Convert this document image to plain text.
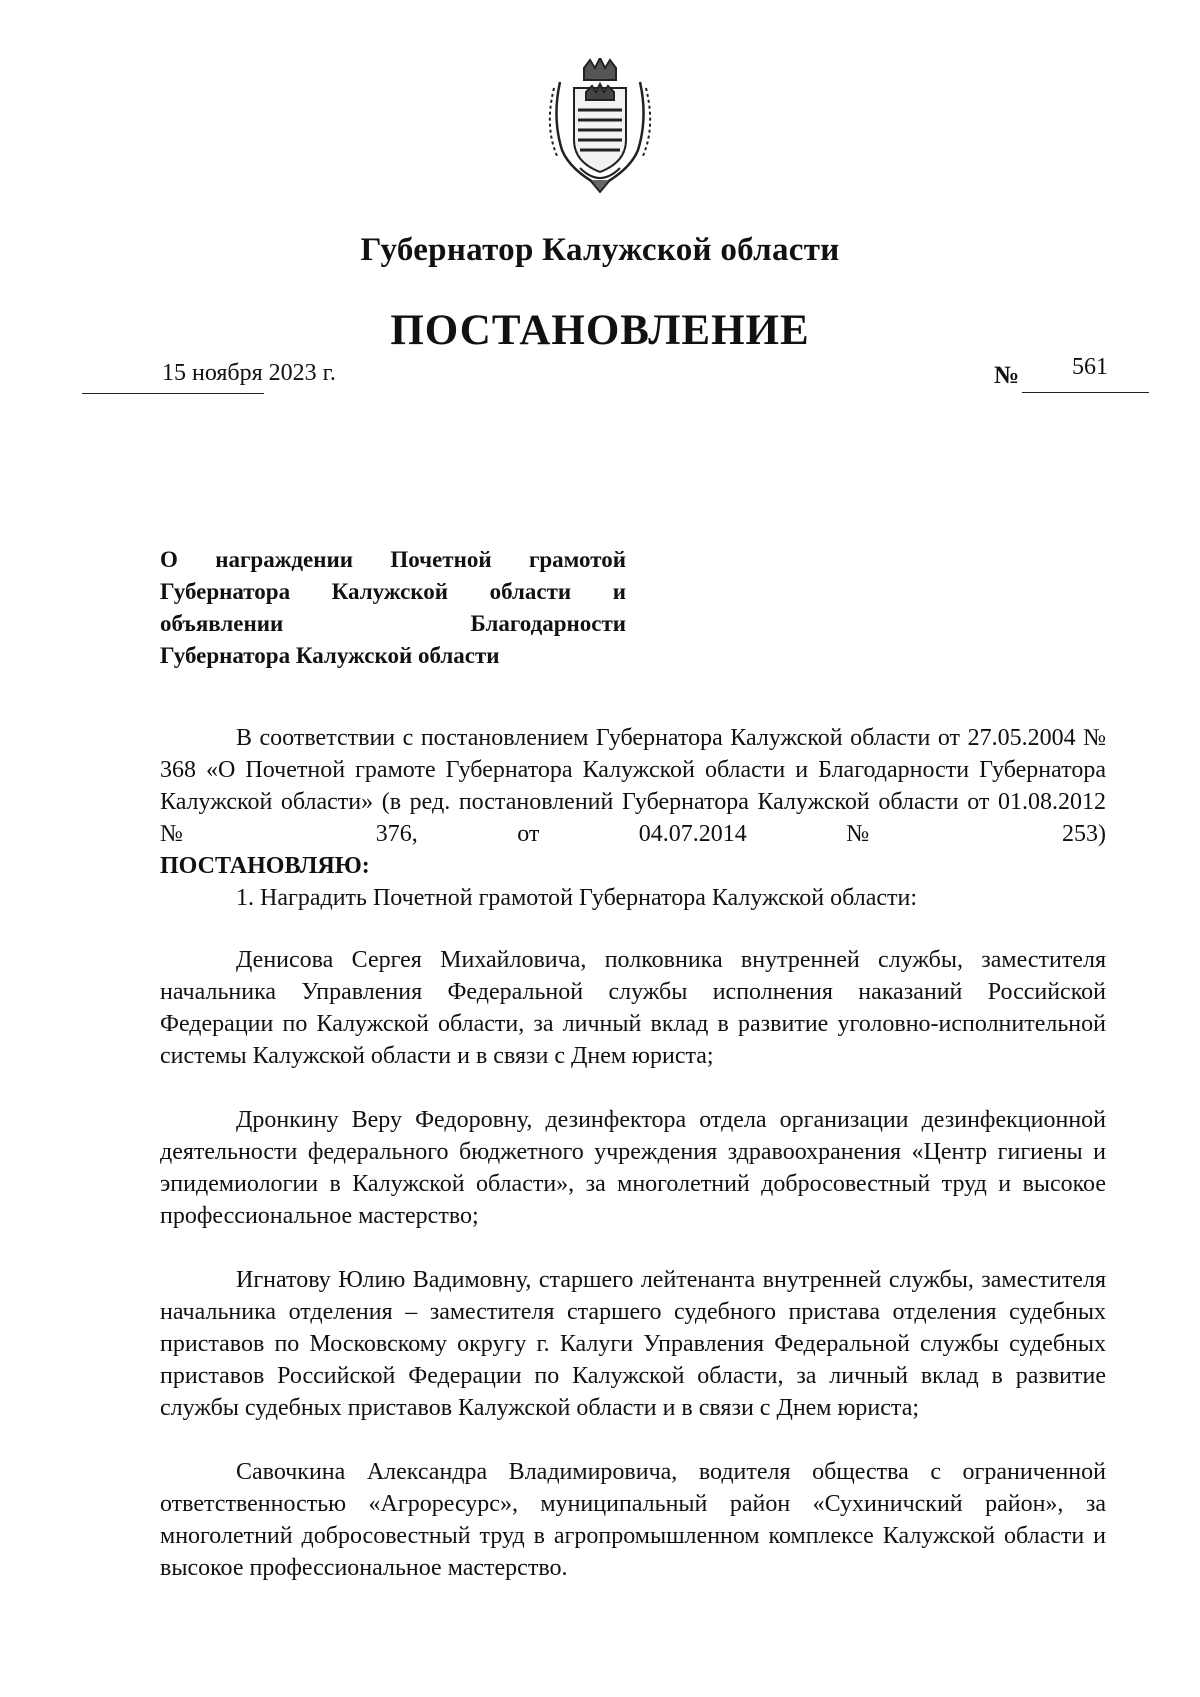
Губернатор Калужской области
ПОСТАНОВЛЕНИЕ
15 ноября 2023 г.	№ 561
О награждении Почетной грамотой Губернатора Калужской области и объявлении Благодарности
Губернатора Калужской области

В соответствии с постановлением Губернатора Калужской области от 27.05.2004 № 368 «О Почетной грамоте Губернатора Калужской области и Благодарности Губернатора Калужской области» (в ред. постановлений Губернатора Калужской области от 01.08.2012 № 376, от 04.07.2014 № 253)

ПОСТАНОВЛЯЮ:

1. Наградить Почетной грамотой Губернатора Калужской области:

Денисова Сергея Михайловича, полковника внутренней службы, заместителя начальника Управления Федеральной службы исполнения наказаний Российской Федерации по Калужской области, за личный вклад в развитие уголовно-исполнительной системы Калужской области и в связи с Днем юриста;

Дронкину Веру Федоровну, дезинфектора отдела организации дезинфекционной деятельности федерального бюджетного учреждения здравоохранения «Центр гигиены и эпидемиологии в Калужской области», за многолетний добросовестный труд и высокое профессиональное мастерство;

Игнатову Юлию Вадимовну, старшего лейтенанта внутренней службы, заместителя начальника отделения – заместителя старшего судебного пристава отделения судебных приставов по Московскому округу г. Калуги Управления Федеральной службы судебных приставов Российской Федерации по Калужской области, за личный вклад в развитие службы судебных приставов Калужской области и в связи с Днем юриста;

Савочкина Александра Владимировича, водителя общества с ограниченной ответственностью «Агроресурс», муниципальный район «Сухиничский район», за многолетний добросовестный труд в агропромышленном комплексе Калужской области и высокое профессиональное мастерство.
